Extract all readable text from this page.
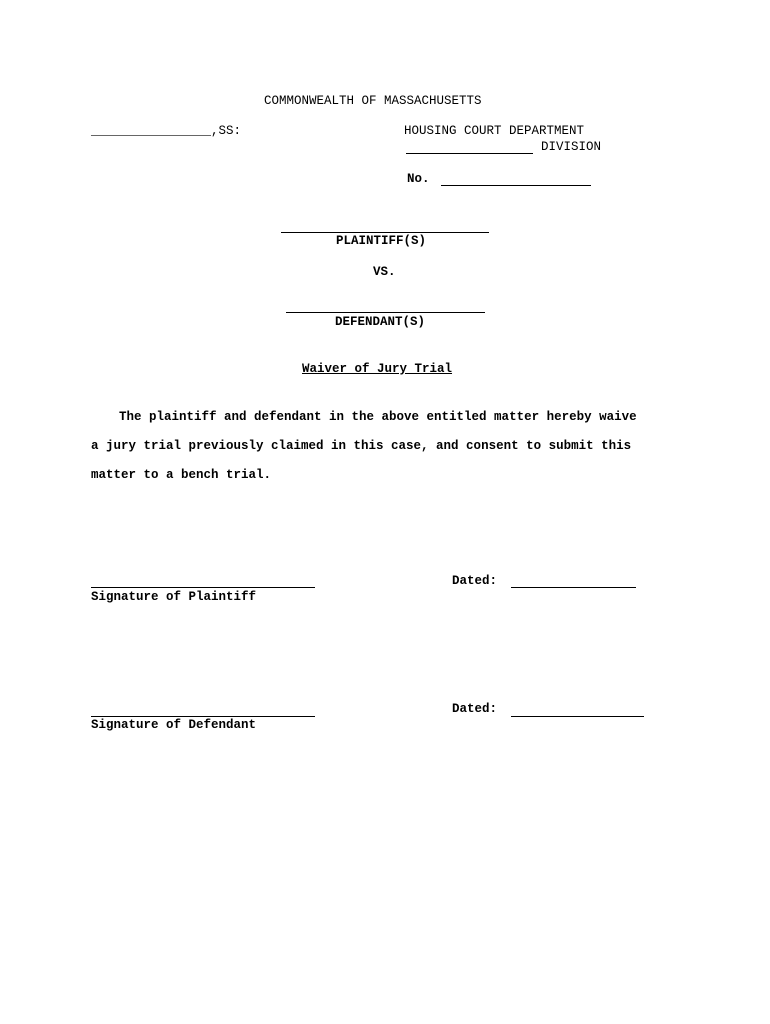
COMMONWEALTH OF MASSACHUSETTS
________________,SS:	HOUSING COURT DEPARTMENT
DIVISION
No.
PLAINTIFF(S)
VS.
DEFENDANT(S)
Waiver of Jury Trial
The plaintiff and defendant in the above entitled matter hereby waive
a jury trial previously claimed in this case, and consent to submit this
matter to a bench trial.
Signature of Plaintiff
Dated:
Signature of Defendant
Dated:
